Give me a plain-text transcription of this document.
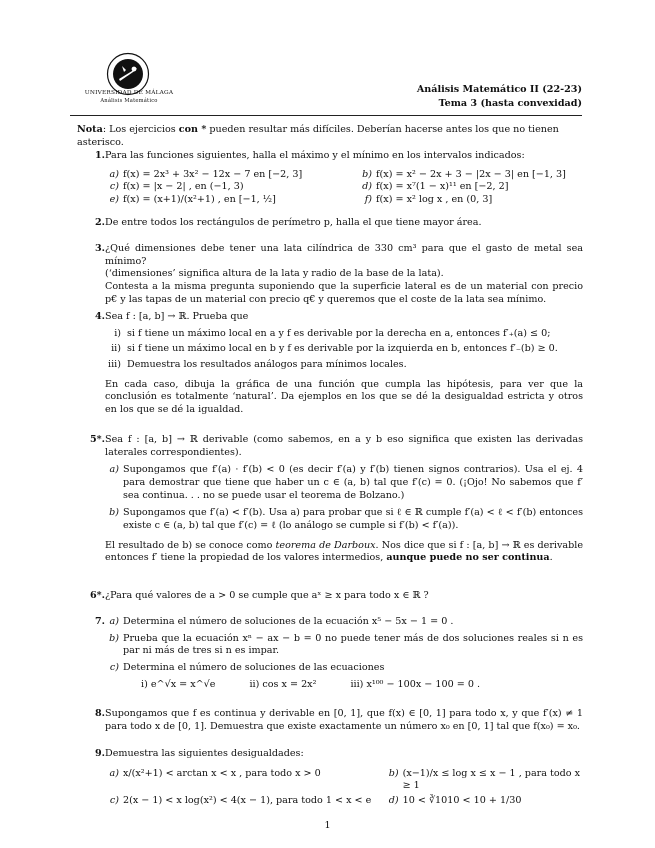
UNIVERSIDAD DE MÁLAGA
Análisis Matemático
Análisis Matemático II (22-23)
Tema 3 (hasta convexidad)
Nota: Los ejercicios con * pueden resultar más difíciles. Deberían hacerse antes los que no tienen asterisco.
1. Para las funciones siguientes, halla el máximo y el mínimo en los intervalos indicados:
a) f(x) = 2x³ + 3x² − 12x − 7 en [−2, 3]	b) f(x) = x² − 2x + 3 − |2x − 3| en [−1, 3]
c) f(x) = |x − 2| , en (−1, 3)	d) f(x) = x⁷(1 − x)¹¹ en [−2, 2]
e) f(x) = (x+1)/(x²+1) , en [−1, ½]	f) f(x) = x² log x , en (0, 3]
2. De entre todos los rectángulos de perímetro p, halla el que tiene mayor área.
3. ¿Qué dimensiones debe tener una lata cilíndrica de 330 cm³ para que el gasto de metal sea mínimo?
(‘dimensiones’ significa altura de la lata y radio de la base de la lata).
Contesta a la misma pregunta suponiendo que la superficie lateral es de un material con precio p€ y las tapas de un material con precio q€ y queremos que el coste de la lata sea mínimo.
4. Sea f : [a, b] → ℝ. Prueba que
i) si f tiene un máximo local en a y f es derivable por la derecha en a, entonces f′₊(a) ≤ 0;
ii) si f tiene un máximo local en b y f es derivable por la izquierda en b, entonces f′₋(b) ≥ 0.
iii) Demuestra los resultados análogos para mínimos locales.
En cada caso, dibuja la gráfica de una función que cumpla las hipótesis, para ver que la conclusión es totalmente ‘natural’. Da ejemplos en los que se dé la desigualdad estricta y otros en los que se dé la igualdad.
5*. Sea f : [a, b] → ℝ derivable (como sabemos, en a y b eso significa que existen las derivadas laterales correspondientes).
a) Supongamos que f′(a) · f′(b) < 0 (es decir f′(a) y f′(b) tienen signos contrarios). Usa el ej. 4 para demostrar que tiene que haber un c ∈ (a, b) tal que f′(c) = 0. (¡Ojo! No sabemos que f′ sea continua. . . no se puede usar el teorema de Bolzano.)
b) Supongamos que f′(a) < f′(b). Usa a) para probar que si ℓ ∈ ℝ cumple f′(a) < ℓ < f′(b) entonces existe c ∈ (a, b) tal que f′(c) = ℓ (lo análogo se cumple si f′(b) < f′(a)).
El resultado de b) se conoce como teorema de Darboux. Nos dice que si f : [a, b] → ℝ es derivable entonces f′ tiene la propiedad de los valores intermedios, aunque puede no ser continua.
6*. ¿Para qué valores de a > 0 se cumple que aˣ ≥ x para todo x ∈ ℝ ?
7. a) Determina el número de soluciones de la ecuación x⁵ − 5x − 1 = 0 .
b) Prueba que la ecuación xⁿ − ax − b = 0 no puede tener más de dos soluciones reales si n es par ni más de tres si n es impar.
c) Determina el número de soluciones de las ecuaciones
i) e^√x = x^√e	ii) cos x = 2x²	iii) x¹⁰⁰ − 100x − 100 = 0 .
8. Supongamos que f es continua y derivable en [0, 1], que f(x) ∈ [0, 1] para todo x, y que f′(x) ≠ 1 para todo x de [0, 1]. Demuestra que existe exactamente un número x₀ en [0, 1] tal que f(x₀) = x₀.
9. Demuestra las siguientes desigualdades:
a) x/(x²+1) < arctan x < x , para todo x > 0	b) (x−1)/x ≤ log x ≤ x − 1 , para todo x ≥ 1
c) 2(x − 1) < x log(x²) < 4(x − 1), para todo 1 < x < e	d) 10 < ∛1010 < 10 + 1/30
1
